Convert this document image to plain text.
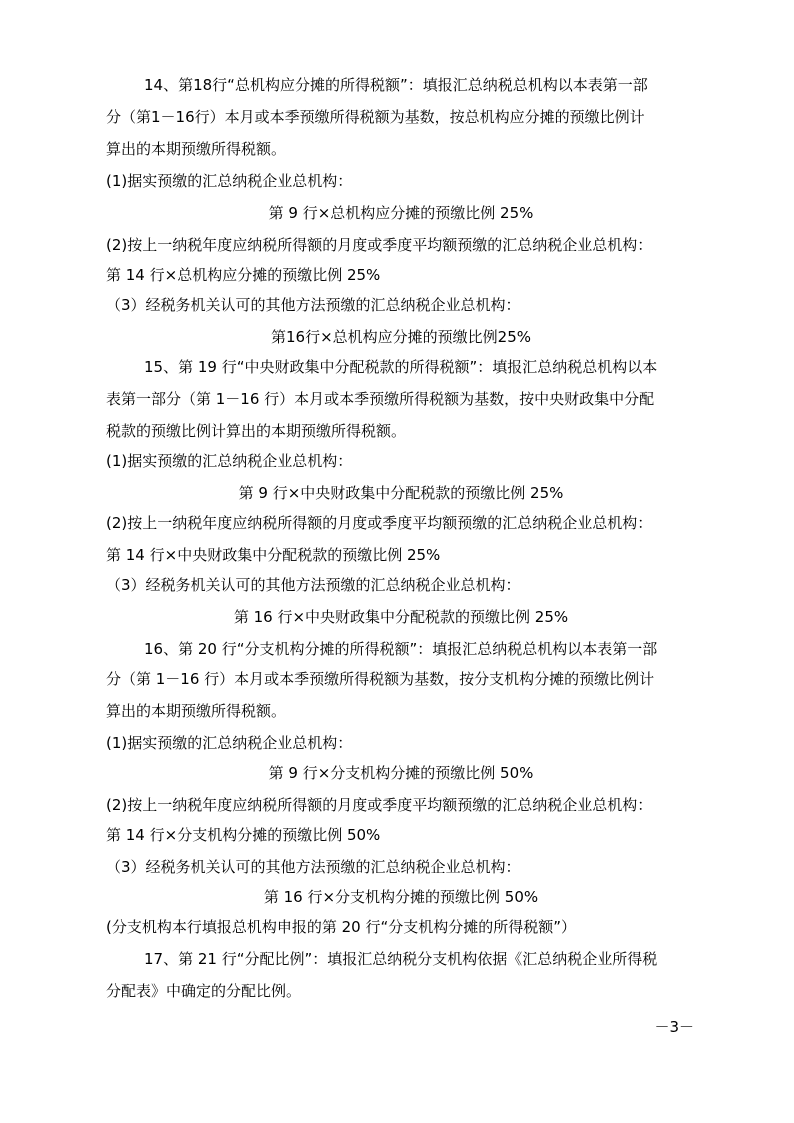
14、第18行“总机构应分摊的所得税额”：填报汇总纳税总机构以本表第一部
分（第1－16行）本月或本季预缴所得税额为基数，按总机构应分摊的预缴比例计
算出的本期预缴所得税额。
(1)据实预缴的汇总纳税企业总机构：
第 9 行×总机构应分摊的预缴比例 25%
(2)按上一纳税年度应纳税所得额的月度或季度平均额预缴的汇总纳税企业总机构：
第 14 行×总机构应分摊的预缴比例 25%
（3）经税务机关认可的其他方法预缴的汇总纳税企业总机构：
第16行×总机构应分摊的预缴比例25%
15、第 19 行“中央财政集中分配税款的所得税额”：填报汇总纳税总机构以本
表第一部分（第 1－16 行）本月或本季预缴所得税额为基数，按中央财政集中分配
税款的预缴比例计算出的本期预缴所得税额。
(1)据实预缴的汇总纳税企业总机构：
第 9 行×中央财政集中分配税款的预缴比例 25%
(2)按上一纳税年度应纳税所得额的月度或季度平均额预缴的汇总纳税企业总机构：
第 14 行×中央财政集中分配税款的预缴比例 25%
（3）经税务机关认可的其他方法预缴的汇总纳税企业总机构：
第 16 行×中央财政集中分配税款的预缴比例 25%
16、第 20 行“分支机构分摊的所得税额”：填报汇总纳税总机构以本表第一部
分（第 1－16 行）本月或本季预缴所得税额为基数，按分支机构分摊的预缴比例计
算出的本期预缴所得税额。
(1)据实预缴的汇总纳税企业总机构：
第 9 行×分支机构分摊的预缴比例 50%
(2)按上一纳税年度应纳税所得额的月度或季度平均额预缴的汇总纳税企业总机构：
第 14 行×分支机构分摊的预缴比例 50%
（3）经税务机关认可的其他方法预缴的汇总纳税企业总机构：
第 16 行×分支机构分摊的预缴比例 50%
(分支机构本行填报总机构申报的第 20 行“分支机构分摊的所得税额”）
17、第 21 行“分配比例”：填报汇总纳税分支机构依据《汇总纳税企业所得税
分配表》中确定的分配比例。
－3－
